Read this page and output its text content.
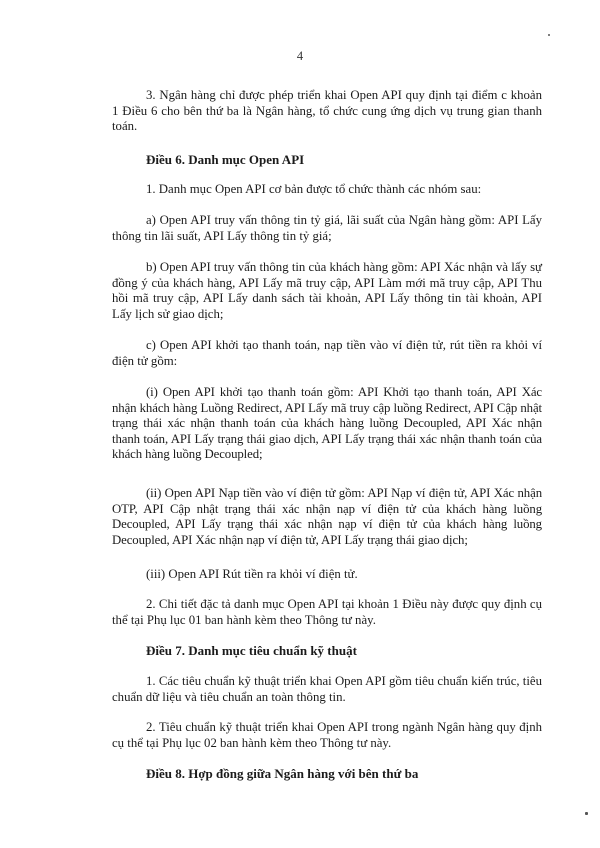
4
3. Ngân hàng chỉ được phép triển khai Open API quy định tại điểm c khoản 1 Điều 6 cho bên thứ ba là Ngân hàng, tổ chức cung ứng dịch vụ trung gian thanh toán.
Điều 6. Danh mục Open API
1. Danh mục Open API cơ bản được tổ chức thành các nhóm sau:
a) Open API truy vấn thông tin tỷ giá, lãi suất của Ngân hàng gồm: API Lấy thông tin lãi suất, API Lấy thông tin tỷ giá;
b) Open API truy vấn thông tin của khách hàng gồm: API Xác nhận và lấy sự đồng ý của khách hàng, API Lấy mã truy cập, API Làm mới mã truy cập, API Thu hồi mã truy cập, API Lấy danh sách tài khoản, API Lấy thông tin tài khoản, API Lấy lịch sử giao dịch;
c) Open API khởi tạo thanh toán, nạp tiền vào ví điện tử, rút tiền ra khỏi ví điện tử gồm:
(i) Open API khởi tạo thanh toán gồm: API Khởi tạo thanh toán, API Xác nhận khách hàng Luồng Redirect, API Lấy mã truy cập luồng Redirect, API Cập nhật trạng thái xác nhận thanh toán của khách hàng luồng Decoupled, API Xác nhận thanh toán, API Lấy trạng thái giao dịch, API Lấy trạng thái xác nhận thanh toán của khách hàng luồng Decoupled;
(ii) Open API Nạp tiền vào ví điện tử gồm: API Nạp ví điện tử, API Xác nhận OTP, API Cập nhật trạng thái xác nhận nạp ví điện tử của khách hàng luồng Decoupled, API Lấy trạng thái xác nhận nạp ví điện tử của khách hàng luồng Decoupled, API Xác nhận nạp ví điện tử, API Lấy trạng thái giao dịch;
(iii) Open API Rút tiền ra khỏi ví điện tử.
2. Chi tiết đặc tả danh mục Open API tại khoản 1 Điều này được quy định cụ thể tại Phụ lục 01 ban hành kèm theo Thông tư này.
Điều 7. Danh mục tiêu chuẩn kỹ thuật
1. Các tiêu chuẩn kỹ thuật triển khai Open API gồm tiêu chuẩn kiến trúc, tiêu chuẩn dữ liệu và tiêu chuẩn an toàn thông tin.
2. Tiêu chuẩn kỹ thuật triển khai Open API trong ngành Ngân hàng quy định cụ thể tại Phụ lục 02 ban hành kèm theo Thông tư này.
Điều 8. Hợp đồng giữa Ngân hàng với bên thứ ba
